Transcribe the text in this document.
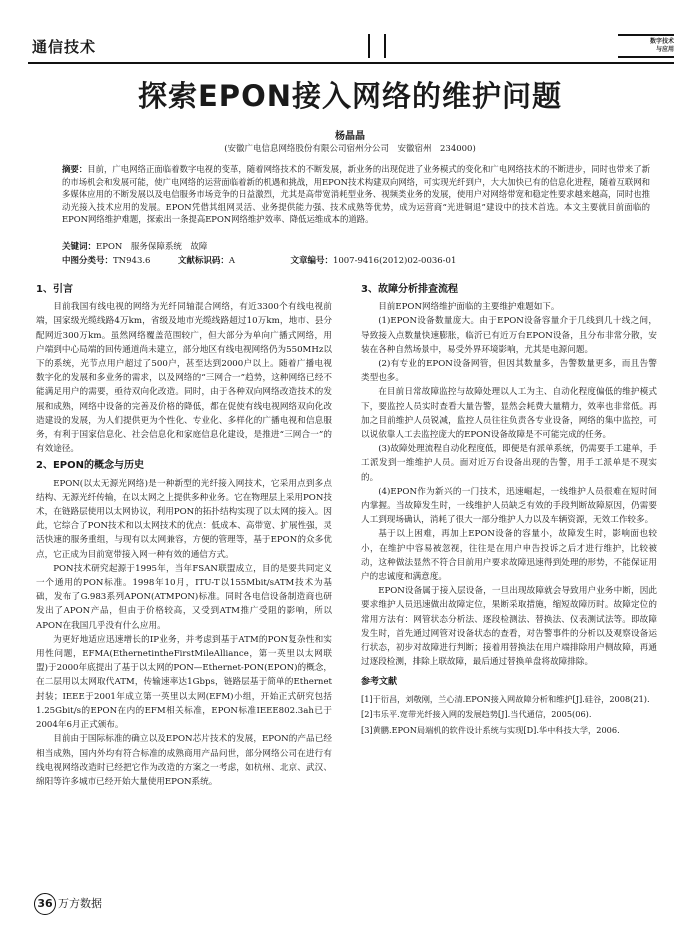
通信技术	数字技术
与应用
探索EPON接入网络的维护问题
杨晶晶
(安徽广电信息网络股份有限公司宿州分公司　安徽宿州　234000)
摘要：目前，广电网络正面临着数字电视的变革，随着网络技术的不断发展，新业务的出现促进了业务模式的变化和广电网络技术的不断进步，同时也带来了新的市场机会和发展可能，使广电网络的运营面临着新的机遇和挑战，用EPON技术构建双向网络，可实现光纤到户，大大加快已有的信息化进程，随着互联网和多媒体应用的不断发展以及电信服务市场竞争的日益激烈，尤其是高带宽消耗型业务、视频类业务的发展，使用户对网络带宽和稳定性要求越来越高，同时也推动光接入技术应用的发展。EPON凭借其组网灵活、业务提供能力强、技术成熟等优势，成为运营商“光进铜退”建设中的技术首选。本文主要就目前面临的EPON网络维护难题，探索出一条提高EPON网络维护效率、降低运维成本的道路。
关键词：EPON　服务保障系统　故障
中图分类号：TN943.6	文献标识码：A	文章编号：1007-9416(2012)02-0036-01
1、引言

目前我国有线电视的网络为光纤同轴混合网络，有近3300个有线电视前端，国家级光缆线路4万km，省级及地市光缆线路超过10万km，地市、县分配网近300万km。虽然网络覆盖范围较广，但大部分为单向广播式网络，用户端到中心局端的回传通道尚未建立，部分地区有线电视网络仍为550MHz以下的系统，光节点用户超过了500户，甚至达到2000户以上。随着广播电视数字化的发展和多业务的需求，以及网络的“三网合一”趋势，这种网络已经不能满足用户的需要，亟待双向化改造。同时，由于各种双向网络改造技术的发展和成熟，网络中设备的完善及价格的降低，都在促使有线电视网络双向化改造建设的发展，为人们提供更为个性化、专业化、多样化的广播电视和信息服务，有利于国家信息化、社会信息化和家庭信息化建设，是推进“三网合一”的有效途径。

2、EPON的概念与历史

EPON(以太无源光网络)是一种新型的光纤接入网技术，它采用点到多点结构、无源光纤传输，在以太网之上提供多种业务。它在物理层上采用PON技术，在链路层使用以太网协议，利用PON的拓扑结构实现了以太网的接入。因此，它综合了PON技术和以太网技术的优点：低成本、高带宽、扩展性强，灵活快速的服务重组，与现有以太网兼容，方便的管理等，基于EPON的众多优点，它正成为目前宽带接入网一种有效的通信方式。

PON技术研究起源于1995年，当年FSAN联盟成立，目的是要共同定义一个通用的PON标准。1998年10月，ITU-T以155Mbit/sATM技术为基础，发布了G.983系列APON(ATMPON)标准。同时各电信设备制造商也研发出了APON产品，但由于价格较高，又受到ATM推广受阻的影响，所以APON在我国几乎没有什么应用。

为更好地适应迅速增长的IP业务，并考虑到基于ATM的PON复杂性和实用性问题，EFMA(EthernetintheFirstMileAlliance，第一英里以太网联盟)于2000年底提出了基于以太网的PON—Ethernet-PON(EPON)的概念，在二层用以太网取代ATM，传输速率达1Gbps，链路层基于简单的Ethernet封装；IEEE于2001年成立第一英里以太网(EFM)小组，开始正式研究包括1.25Gbit/s的EPON在内的EFM相关标准，EPON标准IEEE802.3ah已于2004年6月正式颁布。

目前由于国际标准的确立以及EPON芯片技术的发展，EPON的产品已经相当成熟，国内外均有符合标准的成熟商用产品问世，部分网络公司在进行有线电视网络改造时已经把它作为改造的方案之一考虑，如杭州、北京、武汉、绵阳等许多城市已经开始大量使用EPON系统。

3、故障分析排查流程

目前EPON网络维护面临的主要维护难题如下。

(1)EPON设备数量庞大。由于EPON设备容量介于几线到几十线之间，导致接入点数量快速膨胀，临沂已有近万台EPON设备，且分布非常分散，安装在各种自然场景中，易受外界环境影响，尤其是电源问题。

(2)有专业的EPON设备网管，但因其数量多，告警数量更多，而且告警类型也多。

在目前日常故障监控与故障处理以人工为主、自动化程度偏低的维护模式下，要监控人员实时查看大量告警，显然会耗费大量精力，效率也非常低。再加之目前维护人员锐减，监控人员往往负责各专业设备，网络的集中监控，可以说依靠人工去监控庞大的EPON设备故障是不可能完成的任务。

(3)故障处理流程自动化程度低，即便是有派单系统，仍需要手工建单，手工派发到一维维护人员。面对近万台设备出现的告警，用手工派单是不现实的。

(4)EPON作为新兴的一门技术，迅速崛起，一线维护人员很难在短时间内掌握。当故障发生时，一线维护人员缺乏有效的手段判断故障原因，仍需要人工到现场确认，消耗了很大一部分维护人力以及车辆资源，无效工作较多。

基于以上困难，再加上EPON设备的容量小，故障发生时，影响面也较小，在维护中容易被忽视，往往是在用户申告投诉之后才进行维护，比较被动，这种做法显然不符合目前用户要求故障迅速得到处理的形势，不能保证用户的忠诚度和满意度。

EPON设备属于接入层设备，一旦出现故障就会导致用户业务中断，因此要求维护人员迅速做出故障定位，果断采取措施，缩短故障历时。故障定位的常用方法有：网管状态分析法、逐段检测法、替换法、仪表测试法等。即故障发生时，首先通过网管对设备状态的查看，对告警事件的分析以及观察设备运行状态，初步对故障进行判断；接着用替换法在用户端排除用户侧故障，再通过逐段检测，排除上联故障，最后通过替换单盘将故障排除。

参考文献
[1]于衍昌，刘敬刚，兰心清.EPON接入网故障分析和维护[J].硅谷，2008(21).
[2]韦乐平.宽带光纤接入网的发展趋势[J].当代通信，2005(06).
[3]黄鹏.EPON局端机的软件设计系统与实现[D].华中科技大学，2006.
36 万方数据
